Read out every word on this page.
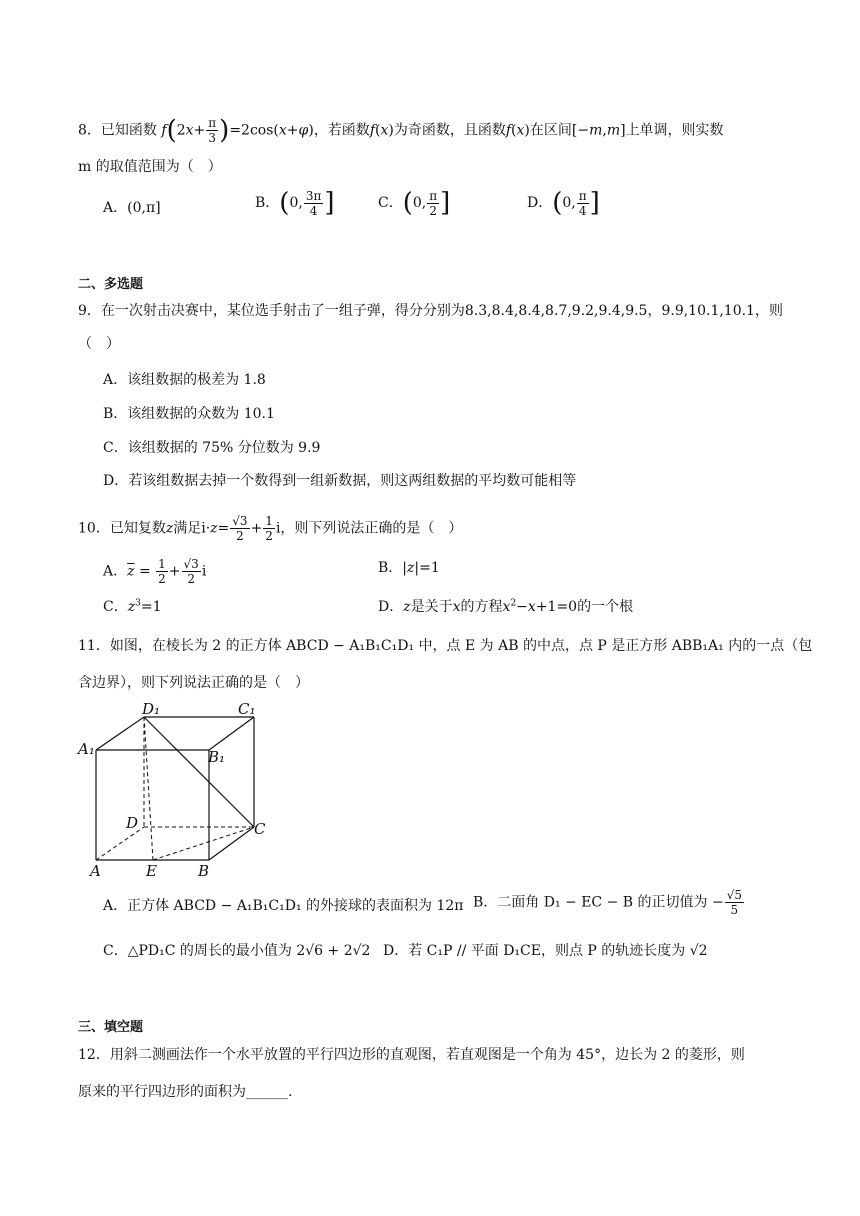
8．已知函数 $f(2x+ \frac{\pi}{3} )=2\cos(x+\varphi)$，若函数f(x)为奇函数，且函数f(x)在区间[−m,m]上单调，则实数
m 的取值范围为（　）
A．(0,π]	B．(0, $\frac{3\pi}{4}$ ]	C．(0, $\frac{\pi}{2}$ ]	D．(0, $\frac{\pi}{4}$ ]
二、多选题
9．在一次射击决赛中，某位选手射击了一组子弹，得分分别为8.3,8.4,8.4,8.7,9.2,9.4,9.5，9.9,10.1,10.1，则
（　）
A．该组数据的极差为 1.8
B．该组数据的众数为 10.1
C．该组数据的 75% 分位数为 9.9
D．若该组数据去掉一个数得到一组新数据，则这两组数据的平均数可能相等
10．已知复数z满足$i\cdot z= \frac{√3}{2} + \frac{1}{2}$ i，则下列说法正确的是（　）
A．$\overline{z} = \frac{1}{2} + \frac{√3}{2}$ i	B．|z|=1
C．$z^3=1$	D．z是关于x的方程$x^2-x+1=0$的一个根
11．如图，在棱长为 2 的正方体 ABCD − A₁B₁C₁D₁ 中，点 E 为 AB 的中点，点 P 是正方形 ABB₁A₁ 内的一点（包
含边界），则下列说法正确的是（　）
D₁	C₁
A₁	B₁
D	C
A	E	B
A．正方体 ABCD − A₁B₁C₁D₁ 的外接球的表面积为 12π B．二面角 D₁ − EC − B 的正切值为 − $\frac{√5}{5}$
C．△PD₁C 的周长的最小值为 2√6 + 2√2 D．若 C₁P // 平面 D₁CE，则点 P 的轨迹长度为 √2
三、填空题
12．用斜二测画法作一个水平放置的平行四边形的直观图，若直观图是一个角为 45°，边长为 2 的菱形，则
原来的平行四边形的面积为______.
